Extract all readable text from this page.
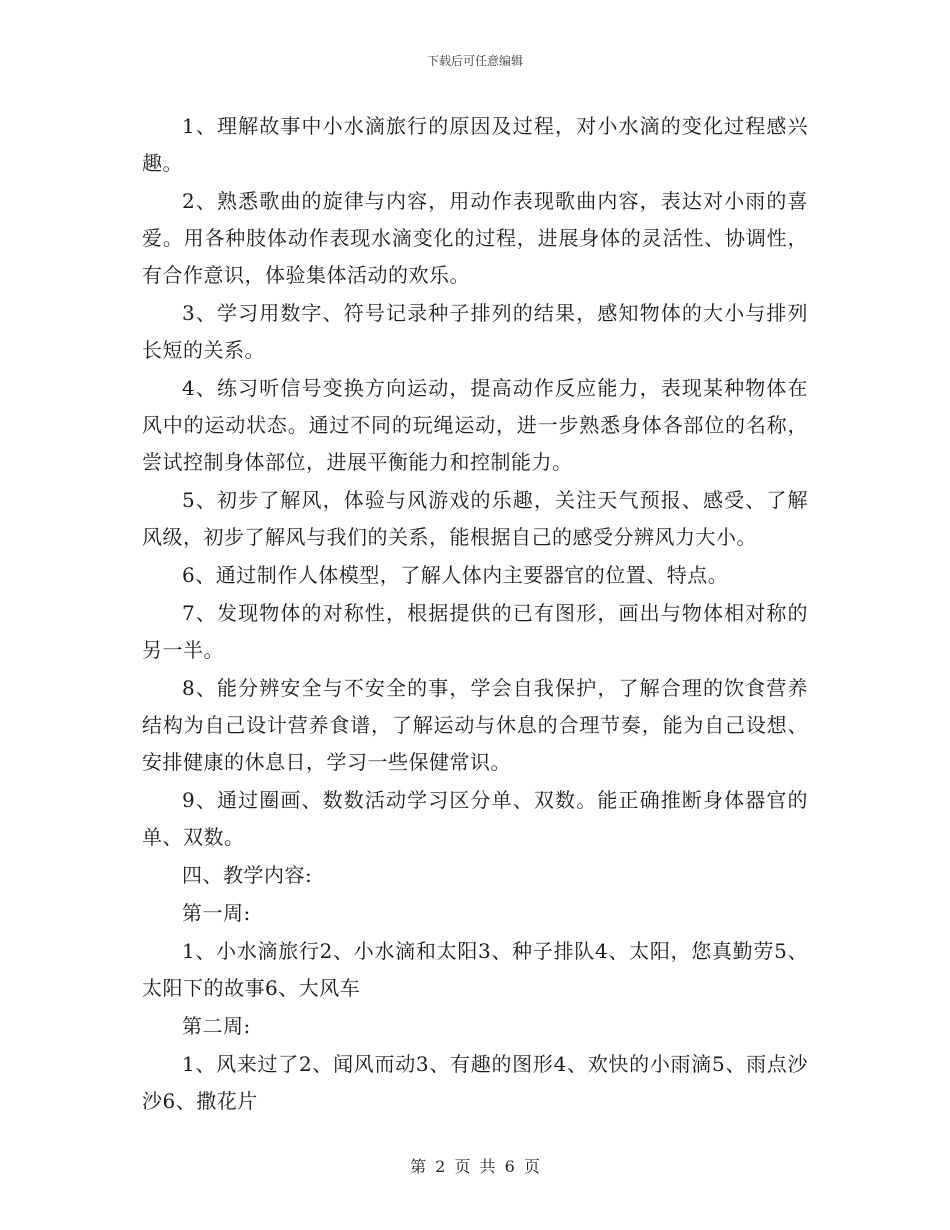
下载后可任意编辑

1、理解故事中小水滴旅行的原因及过程，对小水滴的变化过程感兴趣。

2、熟悉歌曲的旋律与内容，用动作表现歌曲内容，表达对小雨的喜爱。用各种肢体动作表现水滴变化的过程，进展身体的灵活性、协调性，有合作意识，体验集体活动的欢乐。

3、学习用数字、符号记录种子排列的结果，感知物体的大小与排列长短的关系。

4、练习听信号变换方向运动，提高动作反应能力，表现某种物体在风中的运动状态。通过不同的玩绳运动，进一步熟悉身体各部位的名称，尝试控制身体部位，进展平衡能力和控制能力。

5、初步了解风，体验与风游戏的乐趣，关注天气预报、感受、了解风级，初步了解风与我们的关系，能根据自己的感受分辨风力大小。

6、通过制作人体模型，了解人体内主要器官的位置、特点。

7、发现物体的对称性，根据提供的已有图形，画出与物体相对称的另一半。

8、能分辨安全与不安全的事，学会自我保护，了解合理的饮食营养结构为自己设计营养食谱，了解运动与休息的合理节奏，能为自己设想、安排健康的休息日，学习一些保健常识。

9、通过圈画、数数活动学习区分单、双数。能正确推断身体器官的单、双数。

四、教学内容:

第一周:

1、小水滴旅行2、小水滴和太阳3、种子排队4、太阳，您真勤劳5、太阳下的故事6、大风车

第二周:

1、风来过了2、闻风而动3、有趣的图形4、欢快的小雨滴5、雨点沙沙6、撒花片

第 2 页 共 6 页
